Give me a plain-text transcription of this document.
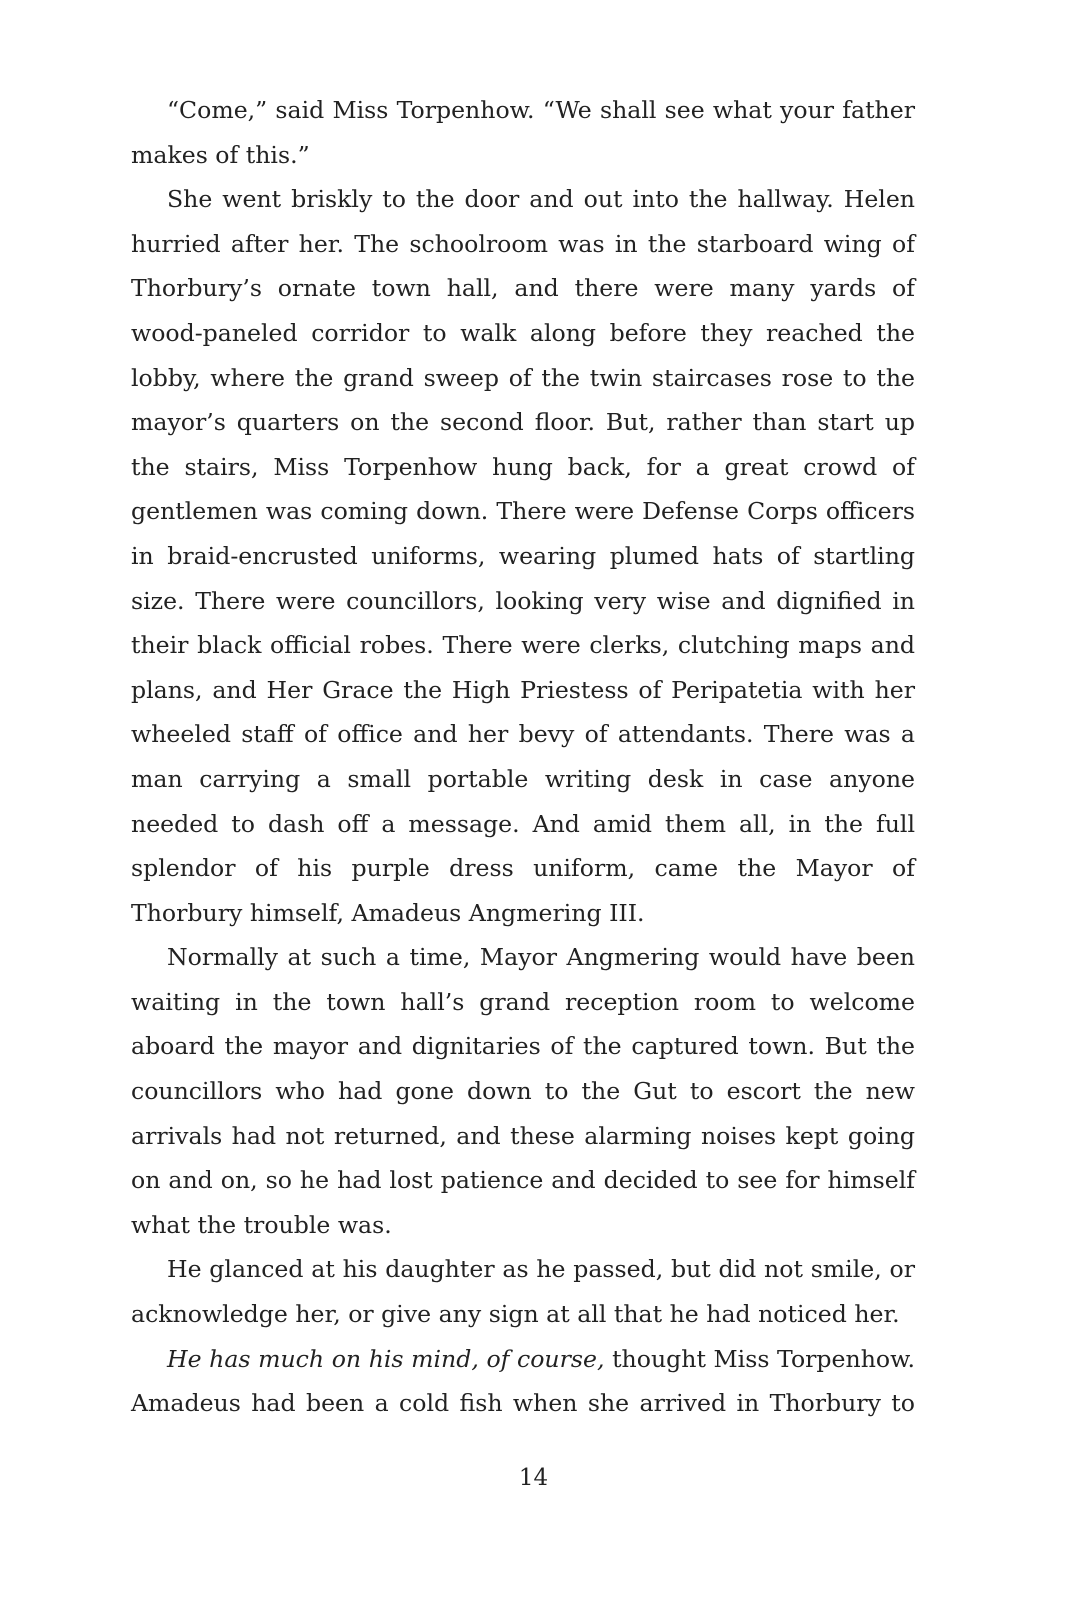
“Come,” said Miss Torpenhow. “We shall see what your father makes of this.”

She went briskly to the door and out into the hallway. Helen hurried after her. The schoolroom was in the starboard wing of Thorbury’s ornate town hall, and there were many yards of wood-paneled corridor to walk along before they reached the lobby, where the grand sweep of the twin staircases rose to the mayor’s quarters on the second floor. But, rather than start up the stairs, Miss Torpenhow hung back, for a great crowd of gentlemen was coming down. There were Defense Corps officers in braid-encrusted uniforms, wearing plumed hats of startling size. There were councillors, looking very wise and dignified in their black official robes. There were clerks, clutching maps and plans, and Her Grace the High Priestess of Peripatetia with her wheeled staff of office and her bevy of attendants. There was a man carrying a small portable writing desk in case anyone needed to dash off a message. And amid them all, in the full splendor of his purple dress uniform, came the Mayor of Thorbury himself, Amadeus Angmering III.

Normally at such a time, Mayor Angmering would have been waiting in the town hall’s grand reception room to welcome aboard the mayor and dignitaries of the captured town. But the councillors who had gone down to the Gut to escort the new arrivals had not returned, and these alarming noises kept going on and on, so he had lost patience and decided to see for himself what the trouble was.

He glanced at his daughter as he passed, but did not smile, or acknowledge her, or give any sign at all that he had noticed her.

He has much on his mind, of course, thought Miss Torpenhow. Amadeus had been a cold fish when she arrived in Thorbury to

14
